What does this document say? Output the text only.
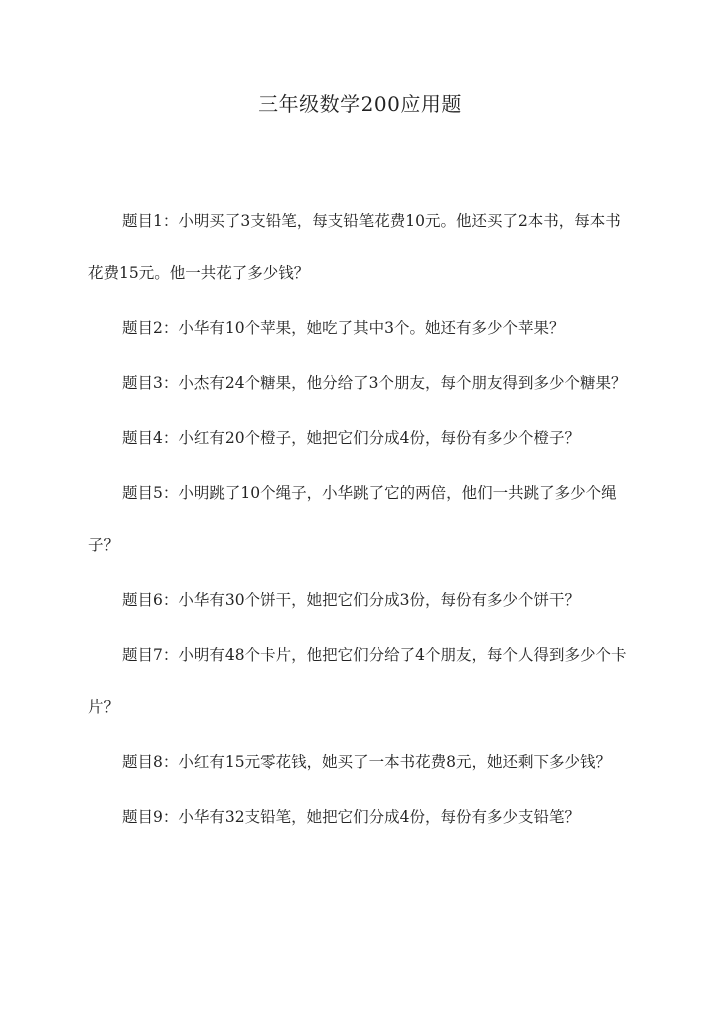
三年级数学200应用题
题目1：小明买了3支铅笔，每支铅笔花费10元。他还买了2本书，每本书花费15元。他一共花了多少钱？
题目2：小华有10个苹果，她吃了其中3个。她还有多少个苹果？
题目3：小杰有24个糖果，他分给了3个朋友，每个朋友得到多少个糖果？
题目4：小红有20个橙子，她把它们分成4份，每份有多少个橙子？
题目5：小明跳了10个绳子，小华跳了它的两倍，他们一共跳了多少个绳子？
题目6：小华有30个饼干，她把它们分成3份，每份有多少个饼干？
题目7：小明有48个卡片，他把它们分给了4个朋友，每个人得到多少个卡片？
题目8：小红有15元零花钱，她买了一本书花费8元，她还剩下多少钱？
题目9：小华有32支铅笔，她把它们分成4份，每份有多少支铅笔？
